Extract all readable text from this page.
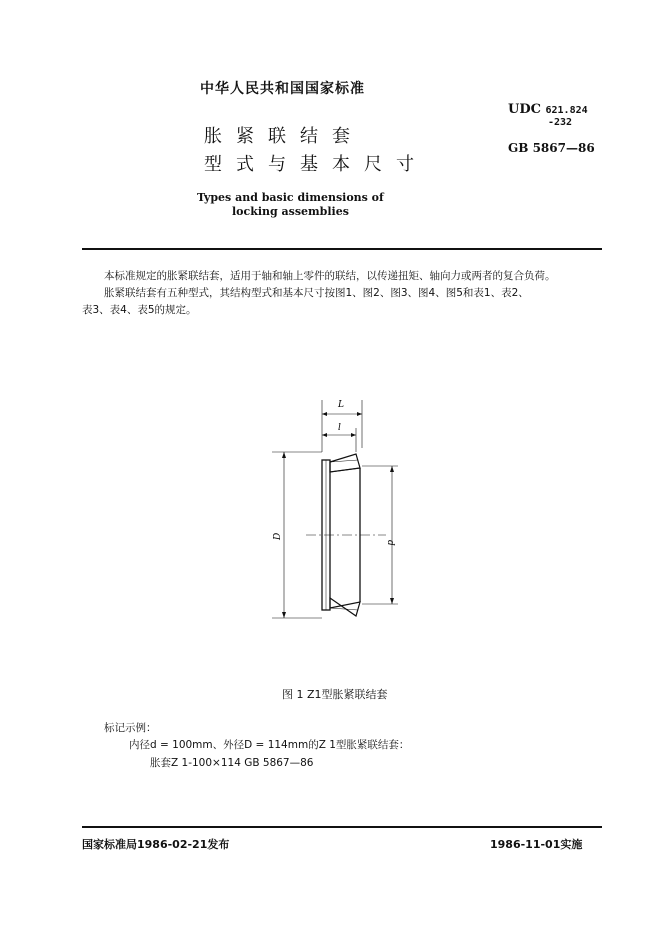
中华人民共和国国家标准
胀紧联结套
型式与基本尺寸
Types and basic dimensions of
locking assemblies
UDC 621.824
-232
GB 5867—86
本标准规定的胀紧联结套，适用于轴和轴上零件的联结，以传递扭矩、轴向力或两者的复合负荷。
胀紧联结套有五种型式，其结构型式和基本尺寸按图1、图2、图3、图4、图5和表1、表2、
表3、表4、表5的规定。
L
l
D
d
图 1 Z1型胀紧联结套
标记示例：
内径d = 100mm、外径D = 114mm的Z 1型胀紧联结套：
胀套Z 1-100×114 GB 5867—86
国家标准局1986-02-21发布	1986-11-01实施
